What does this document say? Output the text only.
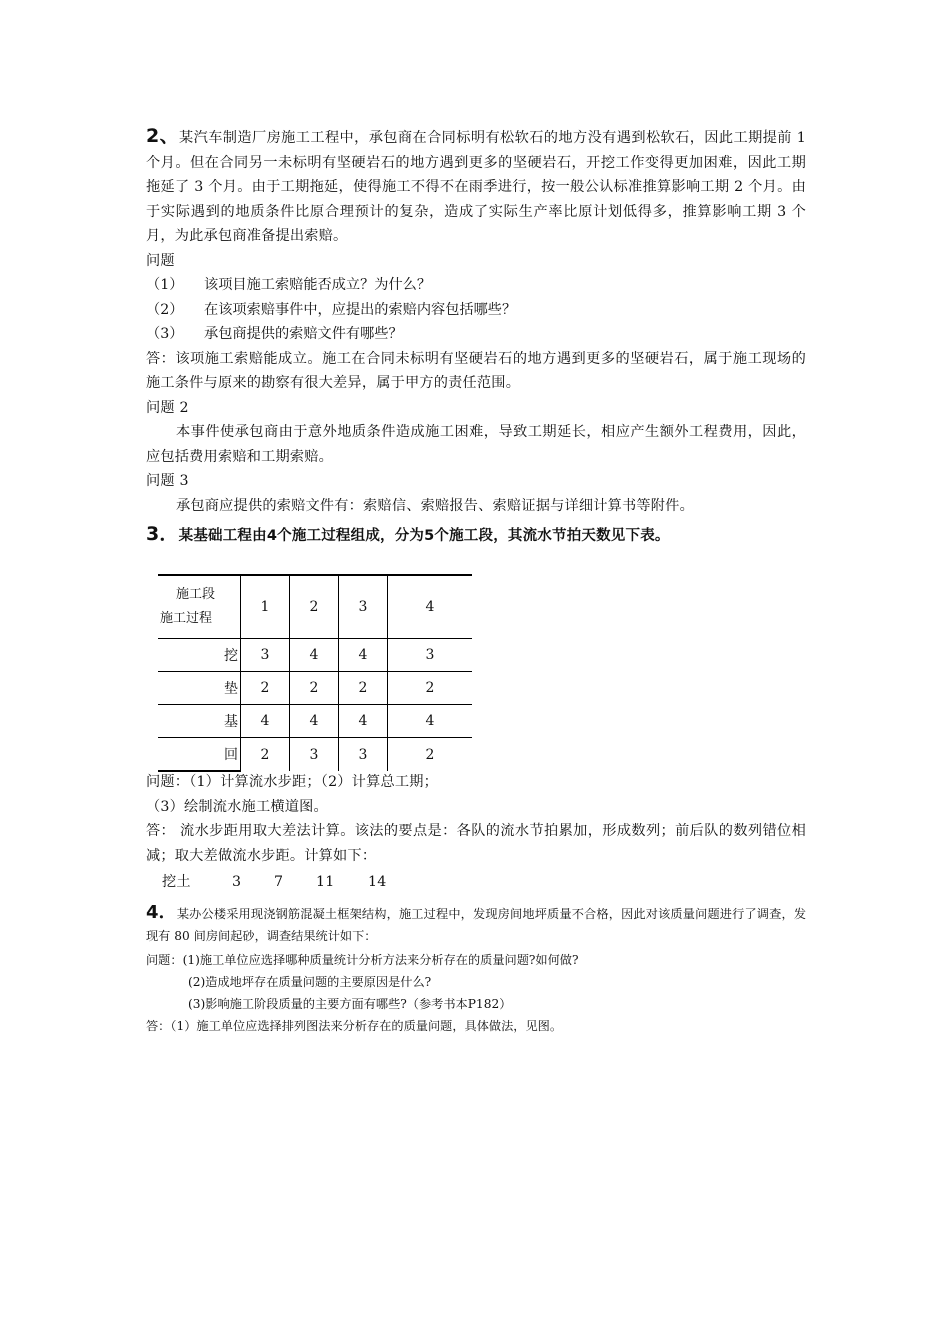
2、某汽车制造厂房施工工程中，承包商在合同标明有松软石的地方没有遇到松软石，因此工期提前 1 个月。但在合同另一未标明有坚硬岩石的地方遇到更多的坚硬岩石，开挖工作变得更加困难，因此工期拖延了 3 个月。由于工期拖延，使得施工不得不在雨季进行，按一般公认标准推算影响工期 2 个月。由于实际遇到的地质条件比原合理预计的复杂，造成了实际生产率比原计划低得多，推算影响工期 3 个月，为此承包商准备提出索赔。

问题

（1）	该项目施工索赔能否成立？为什么？
（2）	在该项索赔事件中，应提出的索赔内容包括哪些？
（3）	承包商提供的索赔文件有哪些？

答：该项施工索赔能成立。施工在合同未标明有坚硬岩石的地方遇到更多的坚硬岩石，属于施工现场的施工条件与原来的勘察有很大差异，属于甲方的责任范围。

问题 2

本事件使承包商由于意外地质条件造成施工困难，导致工期延长，相应产生额外工程费用，因此，应包括费用索赔和工期索赔。

问题 3

承包商应提供的索赔文件有：索赔信、索赔报告、索赔证据与详细计算书等附件。

3．某基础工程由4个施工过程组成，分为5个施工段，其流水节拍天数见下表。

施工段
施工过程	1	2	3	4
挖	3	4	4	3
垫	2	2	2	2
基	4	4	4	4
回	2	3	3	2

问题：（1）计算流水步距；（2）计算总工期；

（3）绘制流水施工横道图。

答： 流水步距用取大差法计算。该法的要点是：各队的流水节拍累加，形成数列；前后队的数列错位相减；取大差做流水步距。计算如下：

挖土	3	7	11	14

4．某办公楼采用现浇钢筋混凝土框架结构，施工过程中，发现房间地坪质量不合格，因此对该质量问题进行了调查，发现有 80 间房间起砂，调查结果统计如下：

问题：(1)施工单位应选择哪种质量统计分析方法来分析存在的质量问题?如何做?

(2)造成地坪存在质量问题的主要原因是什么?

(3)影响施工阶段质量的主要方面有哪些?（参考书本P182）

答：（1）施工单位应选择排列图法来分析存在的质量问题，具体做法，见图。
